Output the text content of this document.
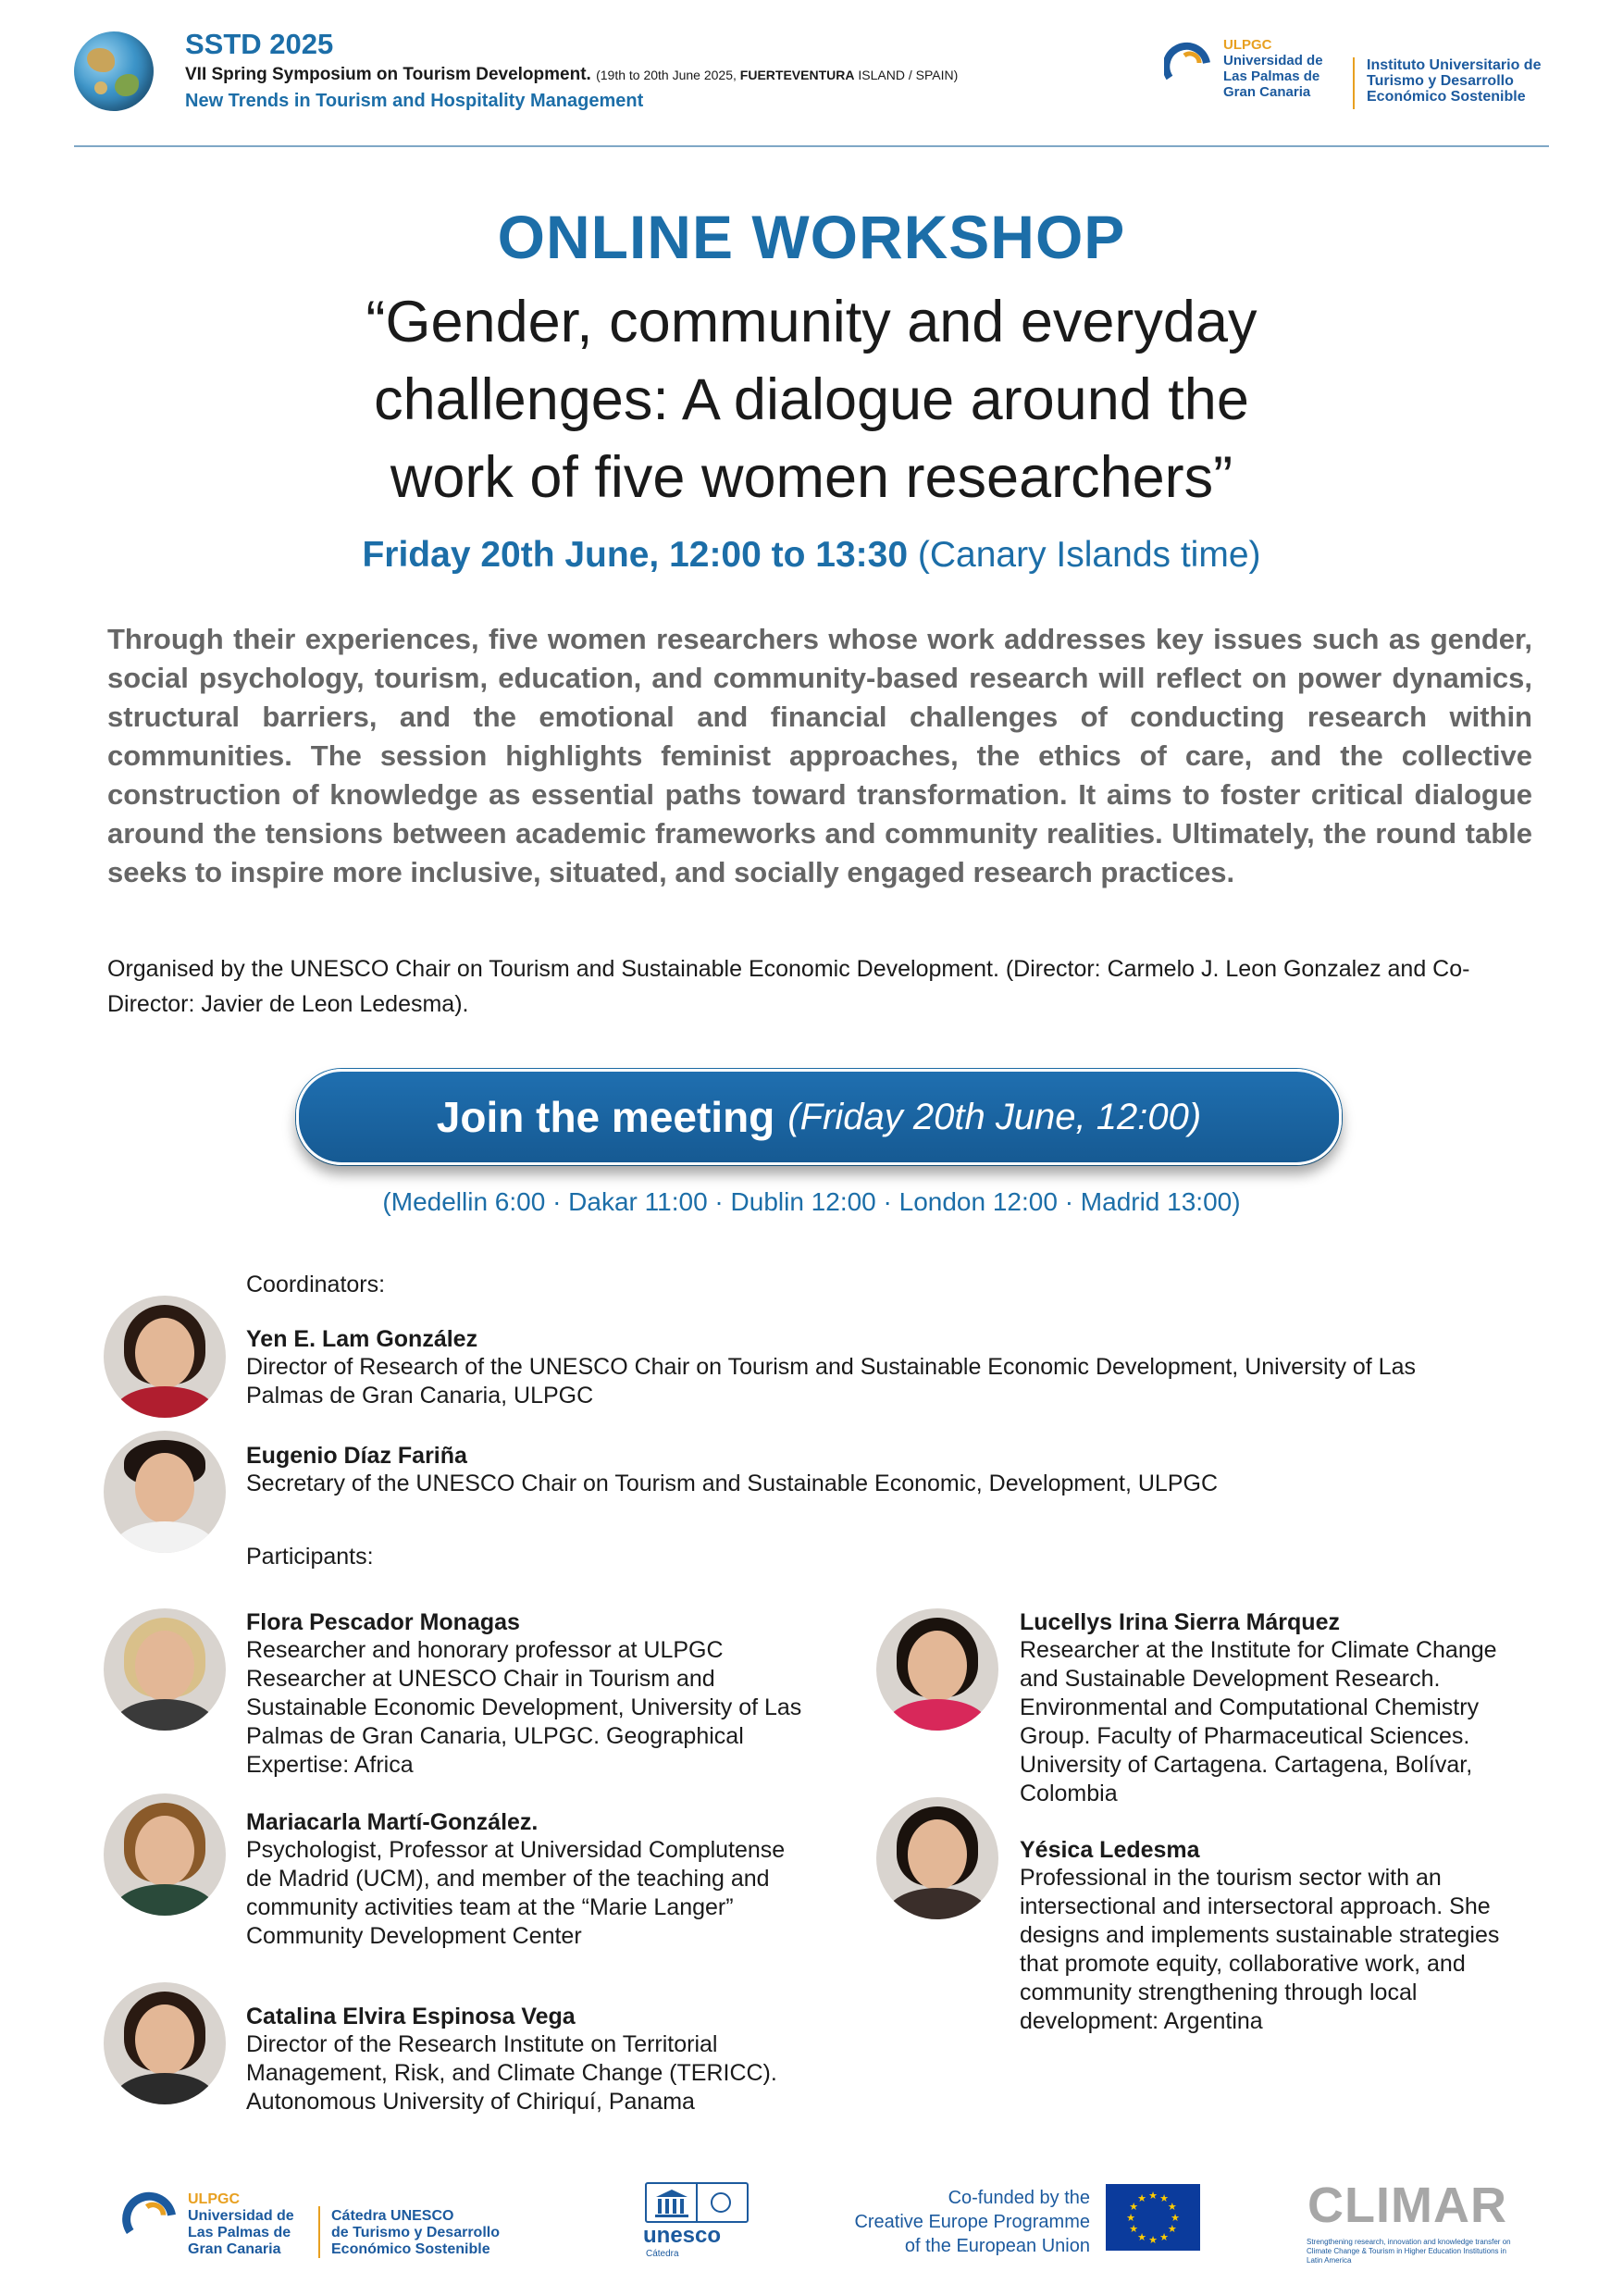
SSTD 2025
VII Spring Symposium on Tourism Development. (19th to 20th June 2025, FUERTEVENTURA ISLAND / SPAIN)
New Trends in Tourism and Hospitality Management
ULPGC
Universidad de
Las Palmas de
Gran Canaria
Instituto Universitario de
Turismo y Desarrollo
Económico Sostenible
ONLINE WORKSHOP
“Gender, community and everyday
challenges: A dialogue around the
work of five women researchers”
Friday 20th June, 12:00 to 13:30 (Canary Islands time)
Through their experiences, five women researchers whose work addresses key issues such as gender, social psychology, tourism, education, and community-based research will reflect on power dynamics, structural barriers, and the emotional and financial challenges of conducting research within communities. The session highlights feminist approaches, the ethics of care, and the collective construction of knowledge as essential paths toward transformation. It aims to foster critical dialogue around the tensions between academic frameworks and community realities. Ultimately, the round table seeks to inspire more inclusive, situated, and socially engaged research practices.
Organised by the UNESCO Chair on Tourism and Sustainable Economic Development. (Director: Carmelo J. Leon Gonzalez and Co-Director: Javier de Leon Ledesma).
Join the meeting (Friday 20th June, 12:00)
(Medellin 6:00 · Dakar 11:00 · Dublin 12:00 · London 12:00 · Madrid 13:00)
Coordinators:
Yen E. Lam González
Director of Research of the UNESCO Chair on Tourism and Sustainable Economic Development, University of Las Palmas de Gran Canaria, ULPGC
Eugenio Díaz Fariña
Secretary of the UNESCO Chair on Tourism and Sustainable Economic, Development, ULPGC
Participants:
Flora Pescador Monagas
Researcher and honorary professor at ULPGC Researcher at UNESCO Chair in Tourism and Sustainable Economic Development, University of Las Palmas de Gran Canaria, ULPGC. Geographical Expertise: Africa
Mariacarla Martí-González.
Psychologist, Professor at Universidad Complutense de Madrid (UCM), and member of the teaching and community activities team at the “Marie Langer” Community Development Center
Catalina Elvira Espinosa Vega
Director of the Research Institute on Territorial Management, Risk, and Climate Change (TERICC). Autonomous University of Chiriquí, Panama
Lucellys Irina Sierra Márquez
Researcher at the Institute for Climate Change and Sustainable Development Research. Environmental and Computational Chemistry Group. Faculty of Pharmaceutical Sciences. University of Cartagena. Cartagena, Bolívar, Colombia
Yésica Ledesma
Professional in the tourism sector with an intersectional and intersectoral approach. She designs and implements sustainable strategies that promote equity, collaborative work, and community strengthening through local development: Argentina
ULPGC
Universidad de
Las Palmas de
Gran Canaria
Cátedra UNESCO
de Turismo y Desarrollo
Económico Sostenible
unesco
Cátedra
Co-funded by the
Creative Europe Programme
of the European Union
★ ★
★
★
★
★
★
★
★
★
★
★	CLIMAR
Strengthening research, innovation and knowledge transfer on Climate Change & Tourism in Higher Education Institutions in Latin America
